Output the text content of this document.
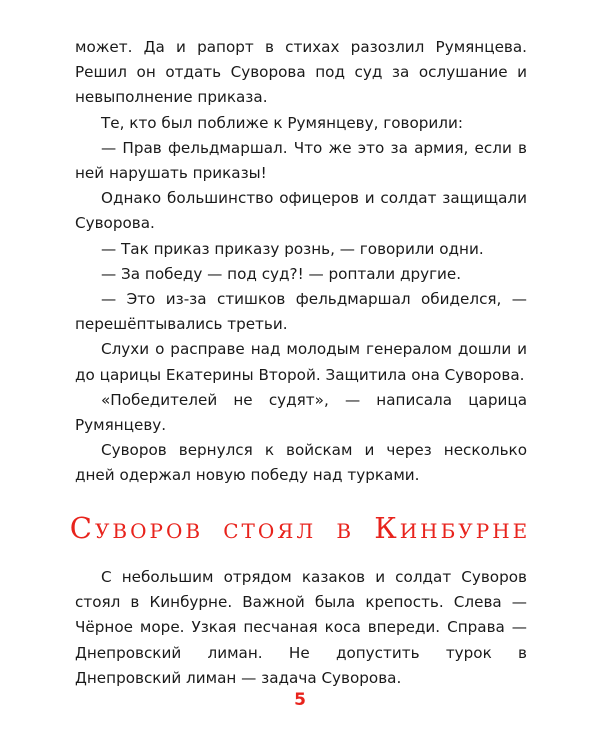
может. Да и рапорт в стихах разозлил Румянцева. Решил он отдать Суворова под суд за ослушание и невыполнение приказа.

Те, кто был поближе к Румянцеву, говорили:

— Прав фельдмаршал. Что же это за армия, если в ней нарушать приказы!

Однако большинство офицеров и солдат защищали Суворова.

— Так приказ приказу рознь, — говорили одни.

— За победу — под суд?! — роптали другие.

— Это из-за стишков фельдмаршал обиделся, — перешёптывались третьи.

Слухи о расправе над молодым генералом дошли и до царицы Екатерины Второй. Защитила она Суворова.

«Победителей не судят», — написала царица Румянцеву.

Суворов вернулся к войскам и через несколько дней одержал новую победу над турками.

Суворов стоял в Кинбурне

С небольшим отрядом казаков и солдат Суворов стоял в Кинбурне. Важной была крепость. Слева — Чёрное море. Узкая песчаная коса впереди. Справа — Днепровский лиман. Не допустить турок в Днепровский лиман — задача Суворова.

5
